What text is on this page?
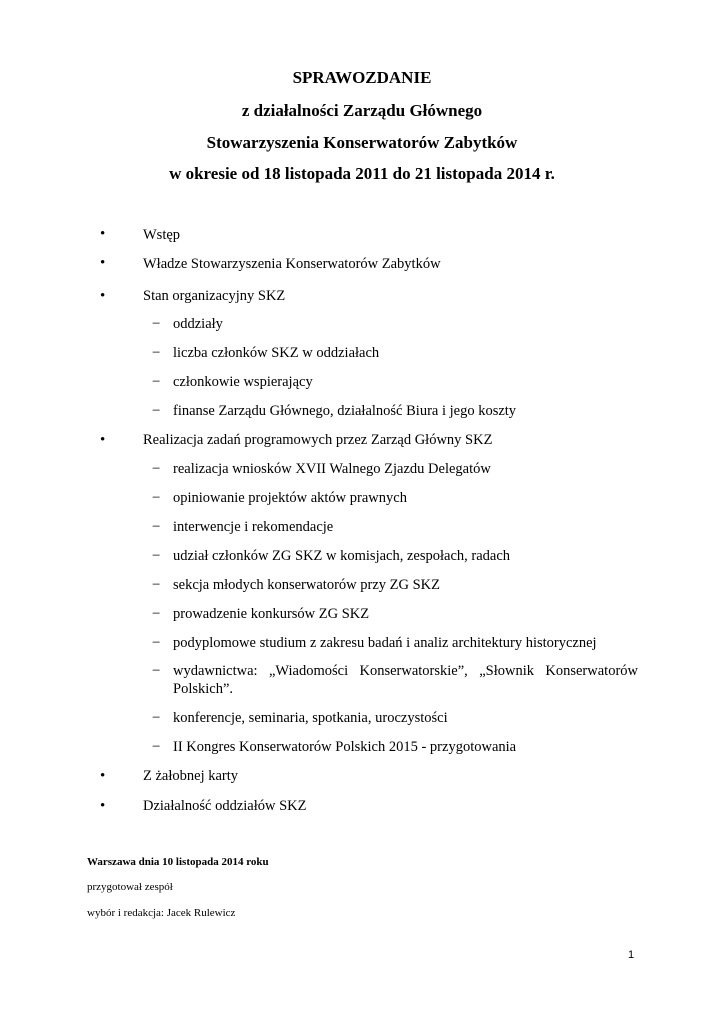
SPRAWOZDANIE
z działalności Zarządu Głównego
Stowarzyszenia Konserwatorów Zabytków
w okresie od 18 listopada 2011 do 21 listopada 2014 r.
•	Wstęp
•	Władze Stowarzyszenia Konserwatorów Zabytków
•	Stan organizacyjny SKZ
− oddziały
− liczba członków SKZ w oddziałach
− członkowie wspierający
− finanse Zarządu Głównego, działalność Biura i jego koszty
•	Realizacja zadań programowych przez Zarząd Główny SKZ
− realizacja wniosków XVII Walnego Zjazdu Delegatów
− opiniowanie projektów aktów prawnych
− interwencje i rekomendacje
− udział członków ZG SKZ w komisjach, zespołach, radach
− sekcja młodych konserwatorów przy ZG SKZ
− prowadzenie konkursów ZG SKZ
− podyplomowe studium z zakresu badań i analiz architektury historycznej
− wydawnictwa: „Wiadomości Konserwatorskie”, „Słownik Konserwatorów
Polskich”.
− konferencje, seminaria, spotkania, uroczystości
− II Kongres Konserwatorów Polskich 2015 - przygotowania
•	Z żałobnej karty
•	Działalność oddziałów SKZ
Warszawa dnia 10 listopada 2014 roku
przygotował zespół
wybór i redakcja: Jacek Rulewicz
1
